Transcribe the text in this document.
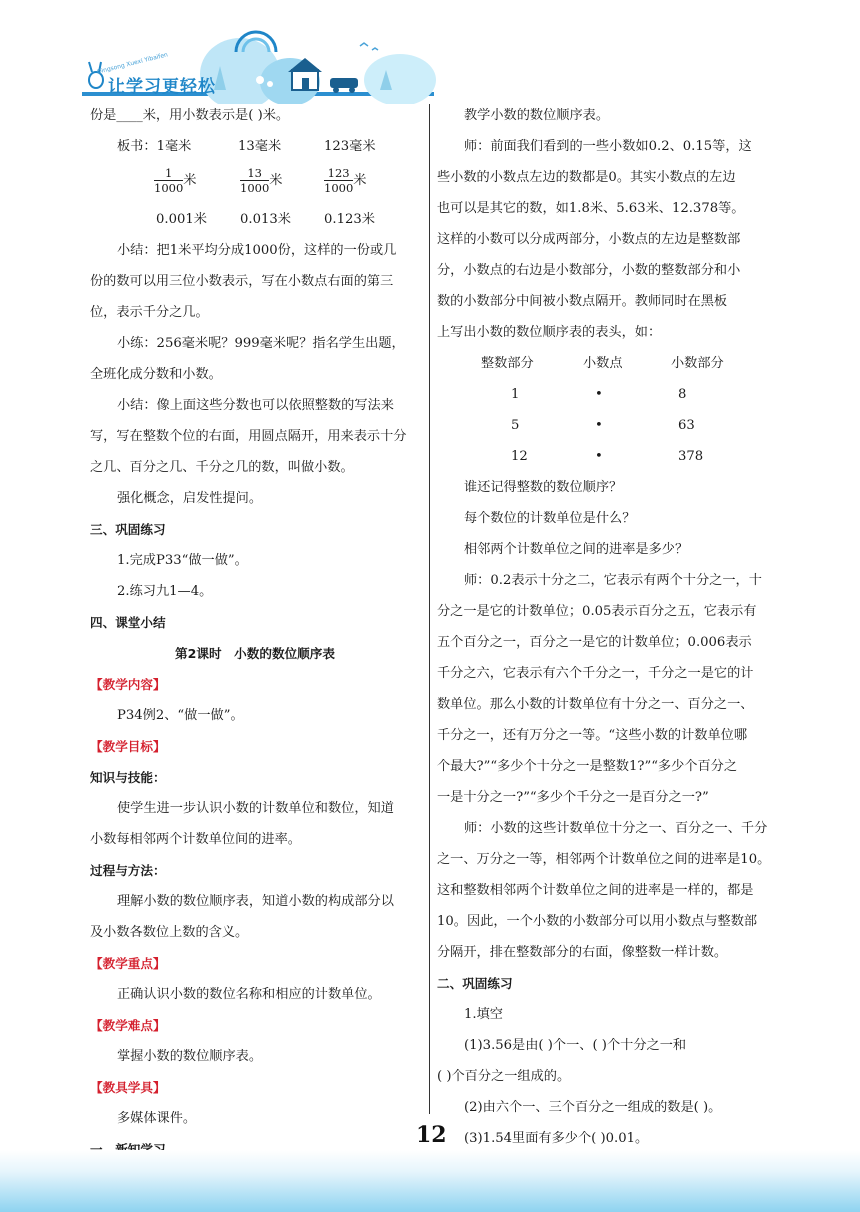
Qingsong Xuexi Yibaifen
让学习更轻松
份是____米，用小数表示是( )米。
板书：1毫米	13毫米	123毫米
$\frac{1}{1000}$ 米	$\frac{13}{1000}$ 米	$\frac{123}{1000}$ 米
0.001米	0.013米	0.123米
小结：把1米平均分成1000份，这样的一份或几
份的数可以用三位小数表示，写在小数点右面的第三
位，表示千分之几。
小练：256毫米呢？999毫米呢？指名学生出题，
全班化成分数和小数。
小结：像上面这些分数也可以依照整数的写法来
写，写在整数个位的右面，用圆点隔开，用来表示十分
之几、百分之几、千分之几的数，叫做小数。
强化概念，启发性提问。
三、巩固练习
1.完成P33“做一做”。
2.练习九1—4。
四、课堂小结
第2课时　小数的数位顺序表
【教学内容】
P34例2、“做一做”。
【教学目标】
知识与技能：
使学生进一步认识小数的计数单位和数位，知道
小数每相邻两个计数单位间的进率。
过程与方法：
理解小数的数位顺序表，知道小数的构成部分以
及小数各数位上数的含义。
【教学重点】
正确认识小数的数位名称和相应的计数单位。
【教学难点】
掌握小数的数位顺序表。
【教具学具】
多媒体课件。
教学小数的数位顺序表。
师：前面我们看到的一些小数如0.2、0.15等，这
些小数的小数点左边的数都是0。其实小数点的左边
也可以是其它的数，如1.8米、5.63米、12.378等。
这样的小数可以分成两部分，小数点的左边是整数部
分，小数点的右边是小数部分，小数的整数部分和小
数的小数部分中间被小数点隔开。教师同时在黑板
上写出小数的数位顺序表的表头，如：
整数部分	小数点	小数部分
1	•	8
5	•	63
12	•	378
谁还记得整数的数位顺序？
每个数位的计数单位是什么？
相邻两个计数单位之间的进率是多少？
师：0.2表示十分之二，它表示有两个十分之一，十
分之一是它的计数单位；0.05表示百分之五，它表示有
五个百分之一，百分之一是它的计数单位；0.006表示
千分之六，它表示有六个千分之一，千分之一是它的计
数单位。那么小数的计数单位有十分之一、百分之一、
千分之一，还有万分之一等。“这些小数的计数单位哪
个最大?”“多少个十分之一是整数1?”“多少个百分之
一是十分之一?”“多少个千分之一是百分之一?”
师：小数的这些计数单位十分之一、百分之一、千分
之一、万分之一等，相邻两个计数单位之间的进率是10。
这和整数相邻两个计数单位之间的进率是一样的，都是
10。因此，一个小数的小数部分可以用小数点与整数部
分隔开，排在整数部分的右面，像整数一样计数。
二、巩固练习
1.填空
(1)3.56是由( )个一、( )个十分之一和
( )个百分之一组成的。
(2)由六个一、三个百分之一组成的数是( )。
(3)1.54里面有多少个( )0.01。
12
